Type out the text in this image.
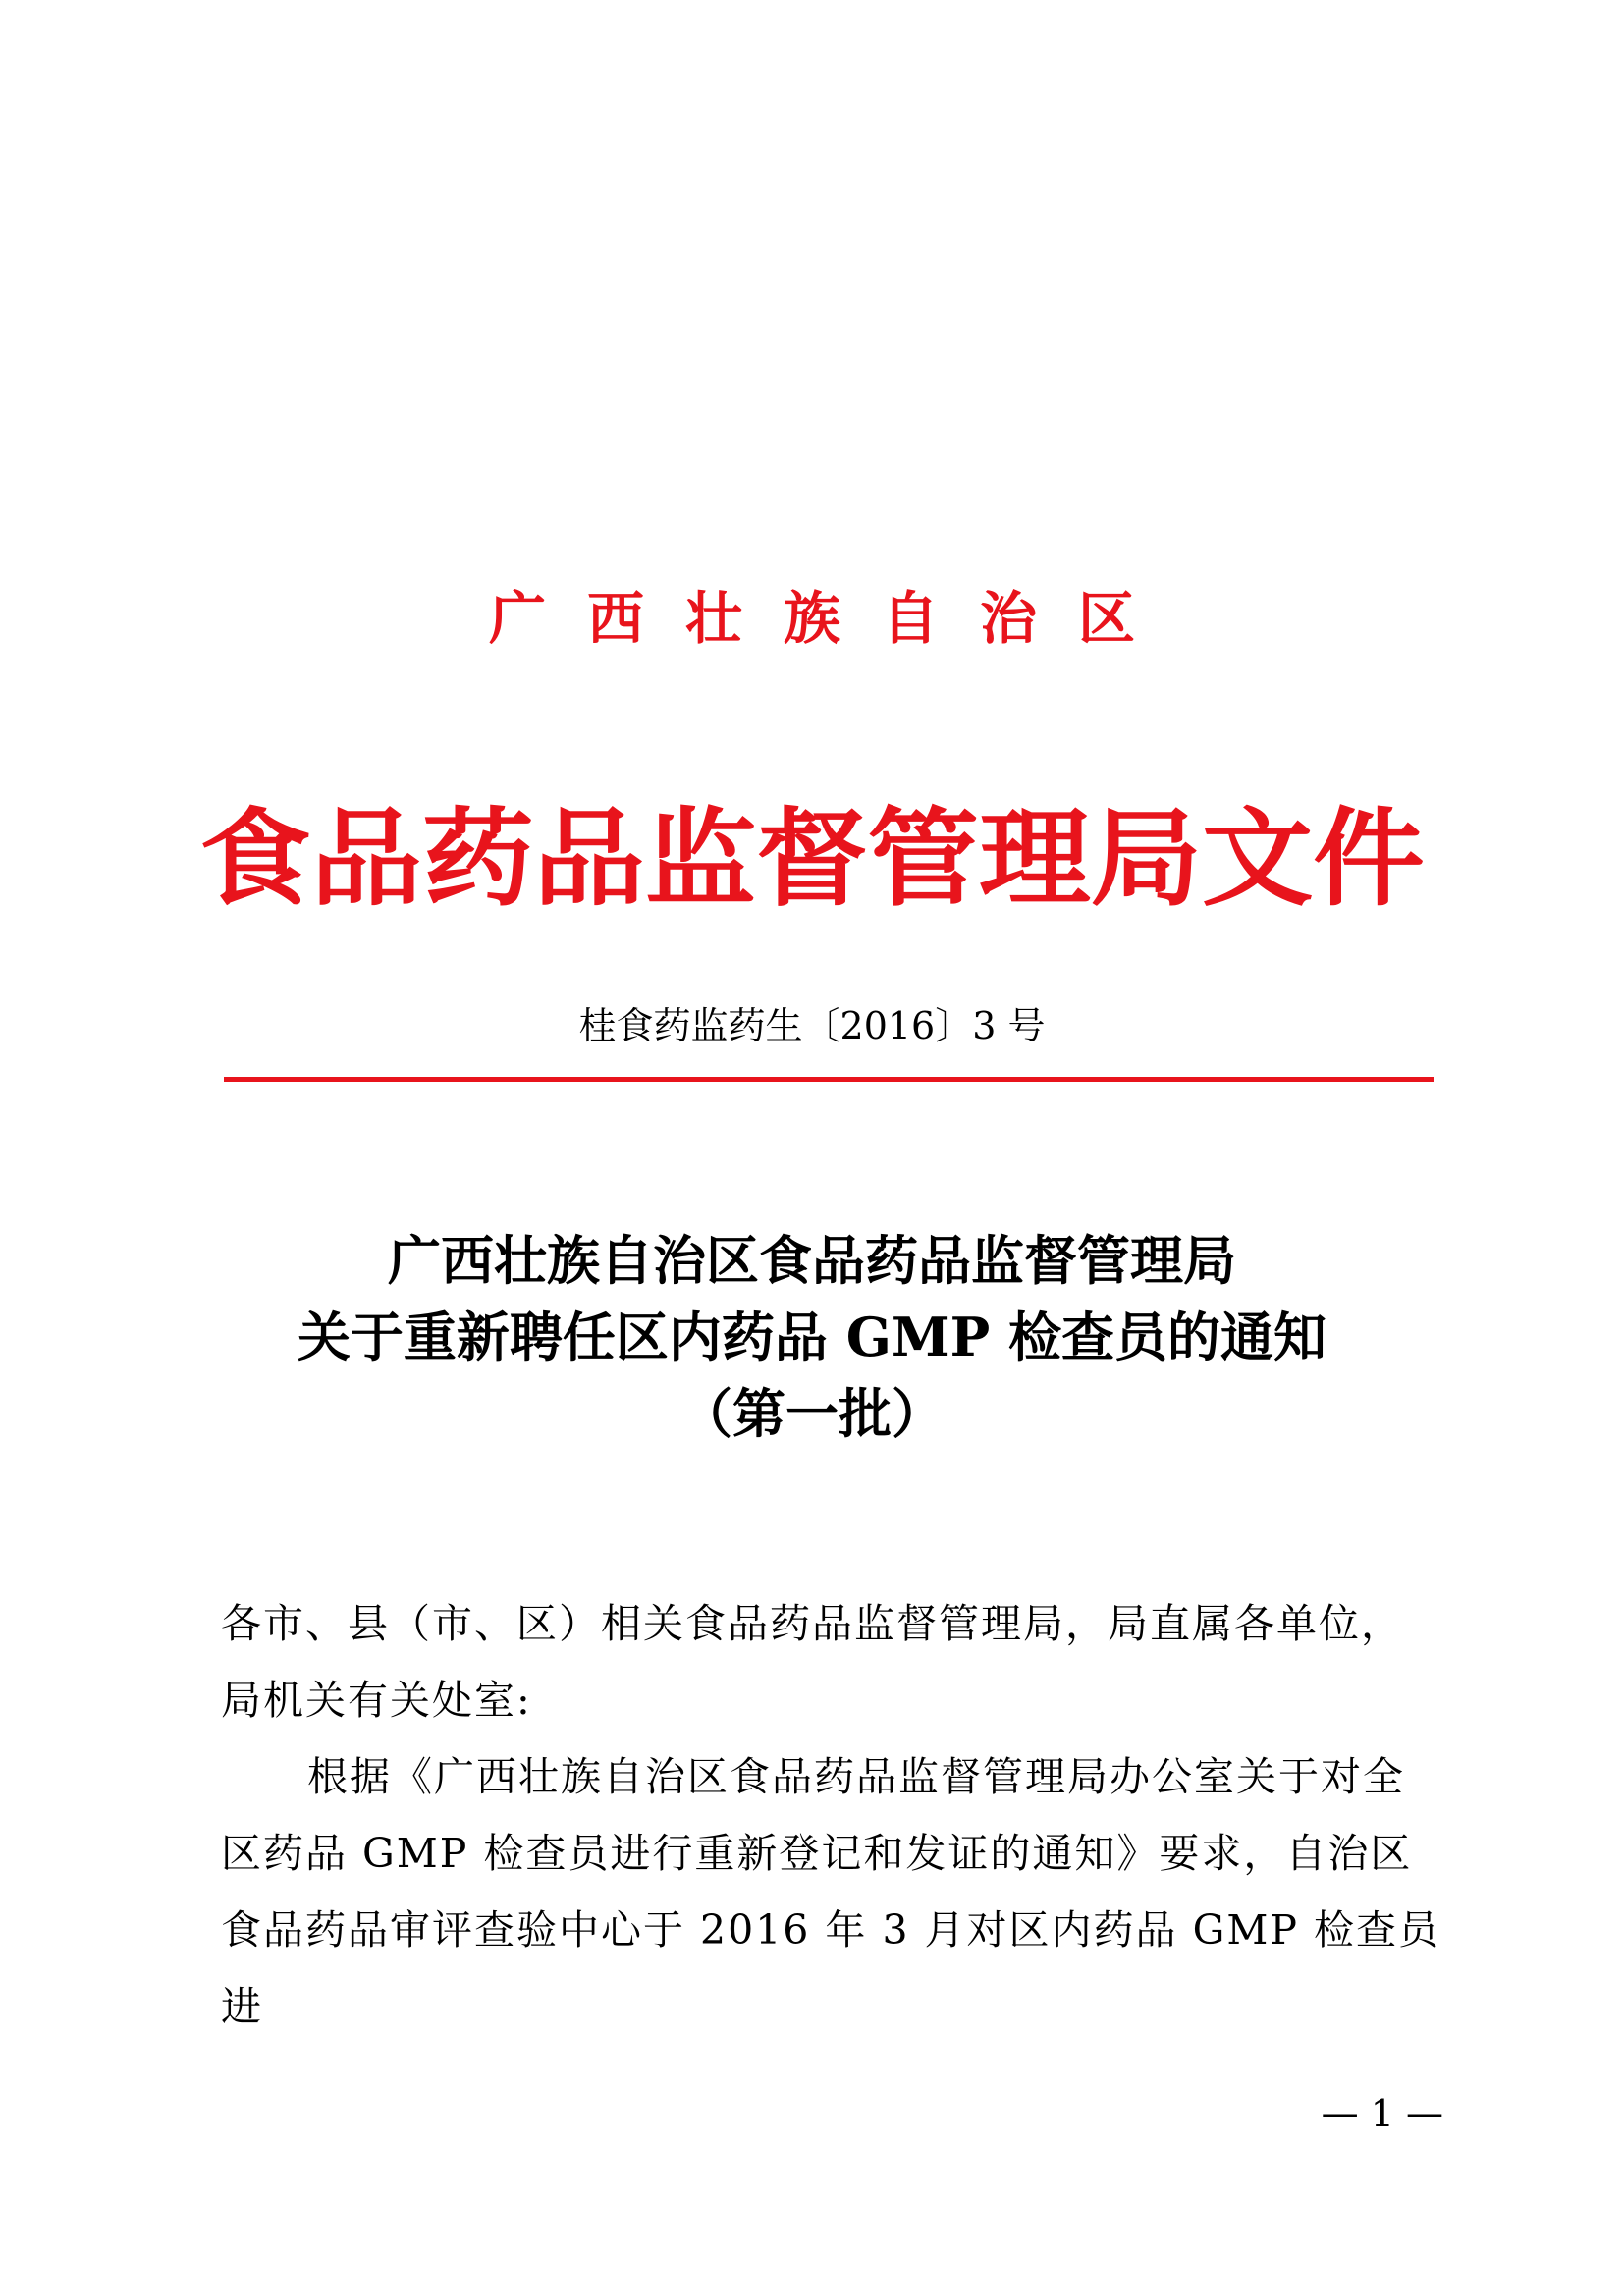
广西壮族自治区
食品药品监督管理局文件
桂食药监药生〔2016〕3 号
广西壮族自治区食品药品监督管理局
关于重新聘任区内药品 GMP 检查员的通知
（第一批）

各市、县（市、区）相关食品药品监督管理局，局直属各单位，

局机关有关处室:

根据《广西壮族自治区食品药品监督管理局办公室关于对全

区药品 GMP 检查员进行重新登记和发证的通知》要求，自治区

食品药品审评查验中心于 2016 年 3 月对区内药品 GMP 检查员进

— 1 —
